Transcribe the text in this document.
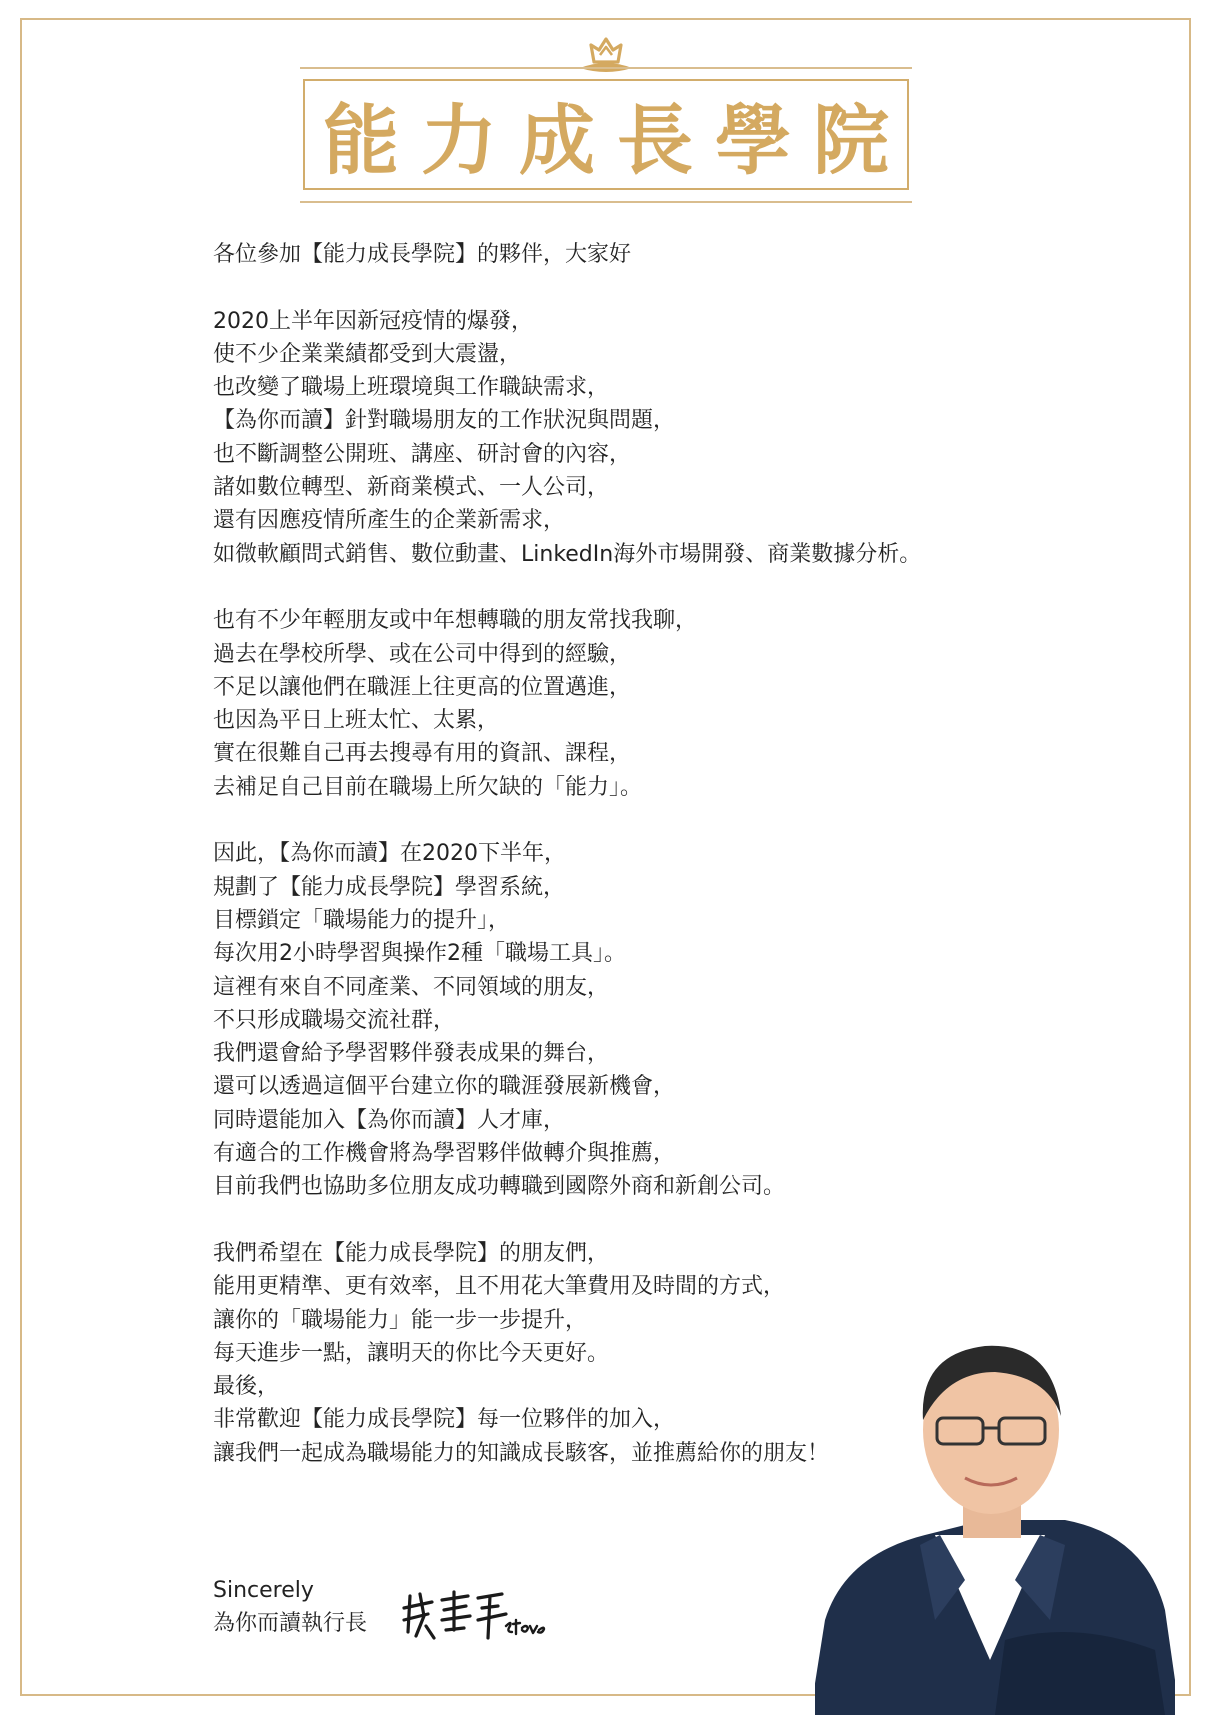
能力成長學院
各位參加【能力成長學院】的夥伴，大家好
2020上半年因新冠疫情的爆發，
使不少企業業績都受到大震盪，
也改變了職場上班環境與工作職缺需求，
【為你而讀】針對職場朋友的工作狀況與問題，
也不斷調整公開班、講座、研討會的內容，
諸如數位轉型、新商業模式、一人公司，
還有因應疫情所產生的企業新需求，
如微軟顧問式銷售、數位動畫、LinkedIn海外市場開發、商業數據分析。
也有不少年輕朋友或中年想轉職的朋友常找我聊，
過去在學校所學、或在公司中得到的經驗，
不足以讓他們在職涯上往更高的位置邁進，
也因為平日上班太忙、太累，
實在很難自己再去搜尋有用的資訊、課程，
去補足自己目前在職場上所欠缺的「能力」。
因此，【為你而讀】在2020下半年，
規劃了【能力成長學院】學習系統，
目標鎖定「職場能力的提升」，
每次用2小時學習與操作2種「職場工具」。
這裡有來自不同產業、不同領域的朋友，
不只形成職場交流社群，
我們還會給予學習夥伴發表成果的舞台，
還可以透過這個平台建立你的職涯發展新機會，
同時還能加入【為你而讀】人才庫，
有適合的工作機會將為學習夥伴做轉介與推薦，
目前我們也協助多位朋友成功轉職到國際外商和新創公司。
我們希望在【能力成長學院】的朋友們，
能用更精準、更有效率，且不用花大筆費用及時間的方式，
讓你的「職場能力」能一步一步提升，
每天進步一點，讓明天的你比今天更好。
最後，
非常歡迎【能力成長學院】每一位夥伴的加入，
讓我們一起成為職場能力的知識成長駭客，並推薦給你的朋友！
Sincerely
為你而讀執行長
